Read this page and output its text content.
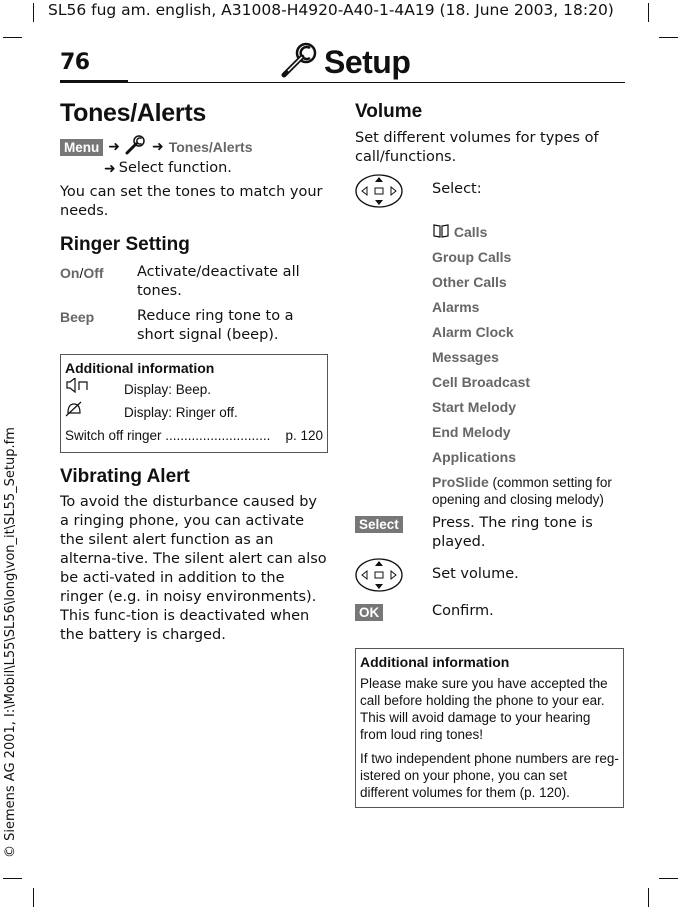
SL56 fug am. english, A31008-H4920-A40-1-4A19 (18. June 2003, 18:20)
© Siemens AG 2001, I:\Mobil\L55\SL56\long\von_it\SL55_Setup.fm
76	Setup
Tones/Alerts
Menu ➜ ➜ Tones/Alerts
➜ Select function.

You can set the tones to match your needs.

Ringer Setting
On/Off	Activate/deactivate all tones.
Beep	Reduce ring tone to a short signal (beep).
Additional information
Display: Beep.
Display: Ringer off.
Switch off ringer ............................ p. 120
Vibrating Alert

To avoid the disturbance caused by a ringing phone, you can activate the silent alert function as an alterna-tive. The silent alert can also be acti-vated in addition to the ringer (e.g. in noisy environments). This func-tion is deactivated when the battery is charged.

Volume

Set different volumes for types of call/functions.

Select:
Calls
Group Calls
Other Calls
Alarms
Alarm Clock
Messages
Cell Broadcast
Start Melody
End Melody
Applications
ProSlide (common setting for opening and closing melody)
Select	Press. The ring tone is played.
Set volume.
OK	Confirm.
Additional information

Please make sure you have accepted the call before holding the phone to your ear. This will avoid damage to your hearing from loud ring tones!

If two independent phone numbers are reg-istered on your phone, you can set different volumes for them (p. 120).
